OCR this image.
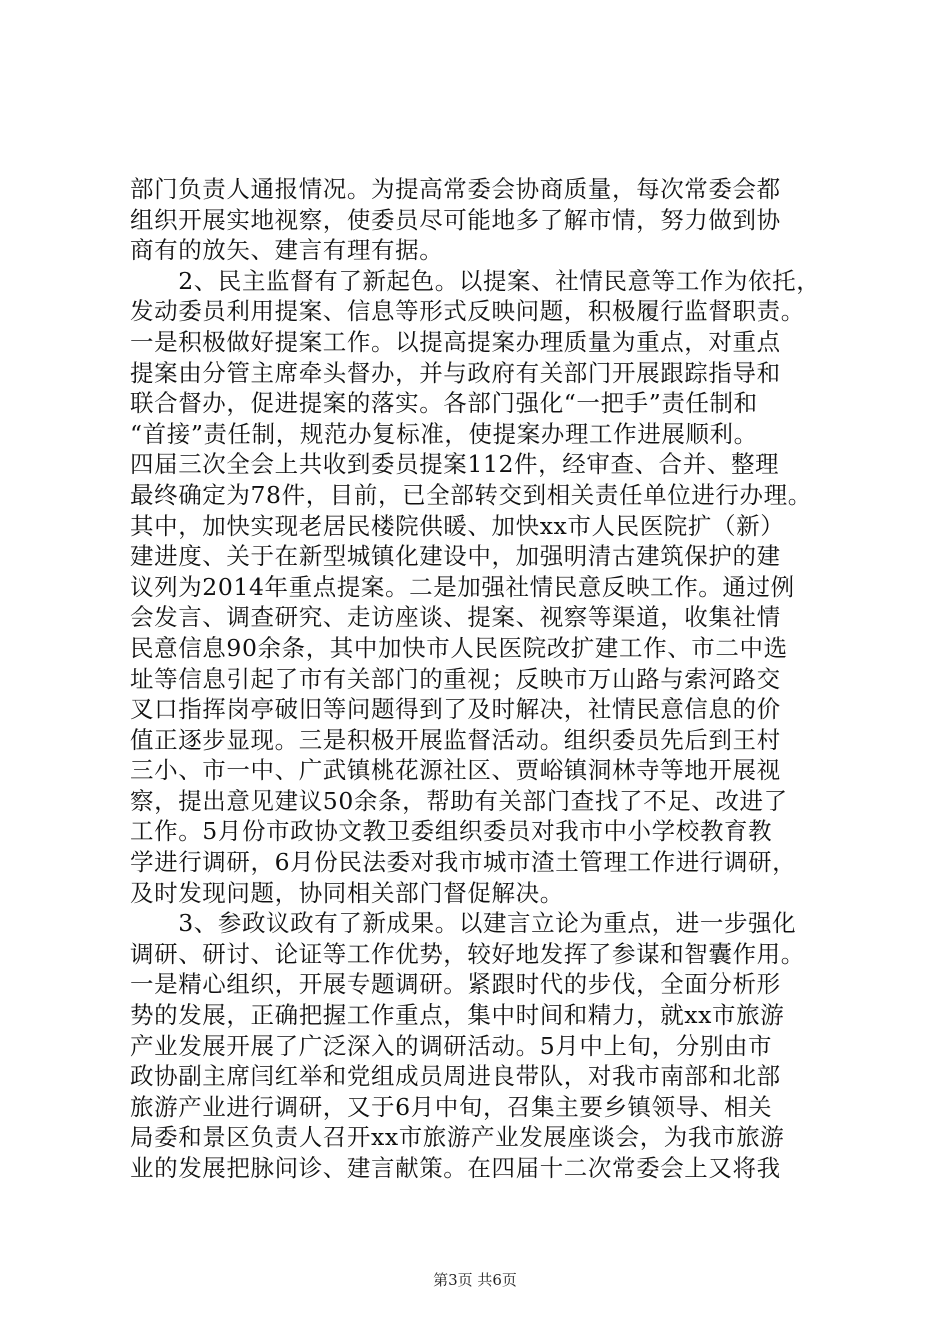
部门负责人通报情况。为提高常委会协商质量，每次常委会都
组织开展实地视察，使委员尽可能地多了解市情，努力做到协
商有的放矢、建言有理有据。
　　2、民主监督有了新起色。以提案、社情民意等工作为依托，
发动委员利用提案、信息等形式反映问题，积极履行监督职责。
一是积极做好提案工作。以提高提案办理质量为重点，对重点
提案由分管主席牵头督办，并与政府有关部门开展跟踪指导和
联合督办，促进提案的落实。各部门强化“一把手”责任制和
“首接”责任制，规范办复标准，使提案办理工作进展顺利。
四届三次全会上共收到委员提案112件，经审查、合并、整理
最终确定为78件，目前，已全部转交到相关责任单位进行办理。
其中，加快实现老居民楼院供暖、加快xx市人民医院扩（新）
建进度、关于在新型城镇化建设中，加强明清古建筑保护的建
议列为2014年重点提案。二是加强社情民意反映工作。通过例
会发言、调查研究、走访座谈、提案、视察等渠道，收集社情
民意信息90余条，其中加快市人民医院改扩建工作、市二中选
址等信息引起了市有关部门的重视；反映市万山路与索河路交
叉口指挥岗亭破旧等问题得到了及时解决，社情民意信息的价
值正逐步显现。三是积极开展监督活动。组织委员先后到王村
三小、市一中、广武镇桃花源社区、贾峪镇洞林寺等地开展视
察，提出意见建议50余条，帮助有关部门查找了不足、改进了
工作。5月份市政协文教卫委组织委员对我市中小学校教育教
学进行调研，6月份民法委对我市城市渣土管理工作进行调研，
及时发现问题，协同相关部门督促解决。
　　3、参政议政有了新成果。以建言立论为重点，进一步强化
调研、研讨、论证等工作优势，较好地发挥了参谋和智囊作用。
一是精心组织，开展专题调研。紧跟时代的步伐，全面分析形
势的发展，正确把握工作重点，集中时间和精力，就xx市旅游
产业发展开展了广泛深入的调研活动。5月中上旬，分别由市
政协副主席闫红举和党组成员周进良带队，对我市南部和北部
旅游产业进行调研，又于6月中旬，召集主要乡镇领导、相关
局委和景区负责人召开xx市旅游产业发展座谈会，为我市旅游
业的发展把脉问诊、建言献策。在四届十二次常委会上又将我
第3页 共6页
